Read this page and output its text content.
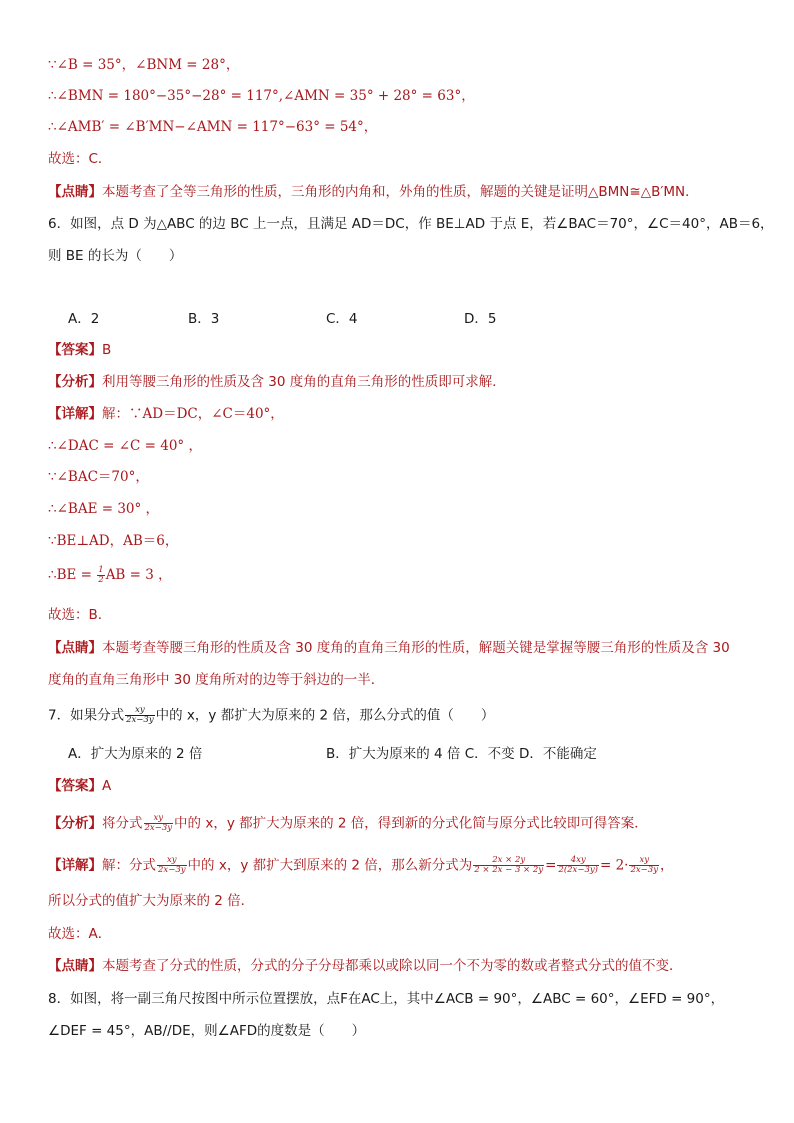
∵∠B = 35°，∠BNM = 28°，
∴∠BMN = 180°−35°−28° = 117°,∠AMN = 35° + 28° = 63°，
∴∠AMB′ = ∠B′MN−∠AMN = 117°−63° = 54°，
故选：C．
【点睛】本题考查了全等三角形的性质，三角形的内角和，外角的性质，解题的关键是证明△BMN≅△B′MN．
6．如图，点 D 为△ABC 的边 BC 上一点，且满足 AD＝DC，作 BE⊥AD 于点 E，若∠BAC＝70°，∠C＝40°，AB＝6，
则 BE 的长为（　　）
A．2	B．3	C．4	D．5
【答案】B
【分析】利用等腰三角形的性质及含 30 度角的直角三角形的性质即可求解．
【详解】解：∵AD＝DC，∠C＝40°，
∴∠DAC = ∠C = 40° ，
∵∠BAC＝70°，
∴∠BAE = 30° ，
∵BE⊥AD，AB＝6，
∴BE = $\frac{1}{2}$ AB = 3 ，
故选：B．
【点睛】本题考查等腰三角形的性质及含 30 度角的直角三角形的性质，解题关键是掌握等腰三角形的性质及含 30
度角的直角三角形中 30 度角所对的边等于斜边的一半．
7．如果分式 $\frac{xy}{2x-3y}$ 中的 x，y 都扩大为原来的 2 倍，那么分式的值（　　）
A．扩大为原来的 2 倍	B．扩大为原来的 4 倍 C．不变 D．不能确定
【答案】A
【分析】将分式 $\frac{xy}{2x-3y}$ 中的 x，y 都扩大为原来的 2 倍，得到新的分式化简与原分式比较即可得答案．
【详解】解：分式 $\frac{xy}{2x-3y}$ 中的 x，y 都扩大到原来的 2 倍，那么新分式为 $\frac{2x \times 2y}{2 \times 2x - 3 \times 2y} = \frac{4xy}{2(2x-3y)} = 2\cdot \frac{xy}{2x-3y}$ ，
所以分式的值扩大为原来的 2 倍．
故选：A．
【点睛】本题考查了分式的性质，分式的分子分母都乘以或除以同一个不为零的数或者整式分式的值不变．
8．如图，将一副三角尺按图中所示位置摆放，点F在AC上，其中∠ACB = 90°，∠ABC = 60°，∠EFD = 90°，
∠DEF = 45°，AB//DE，则∠AFD的度数是（　　）
